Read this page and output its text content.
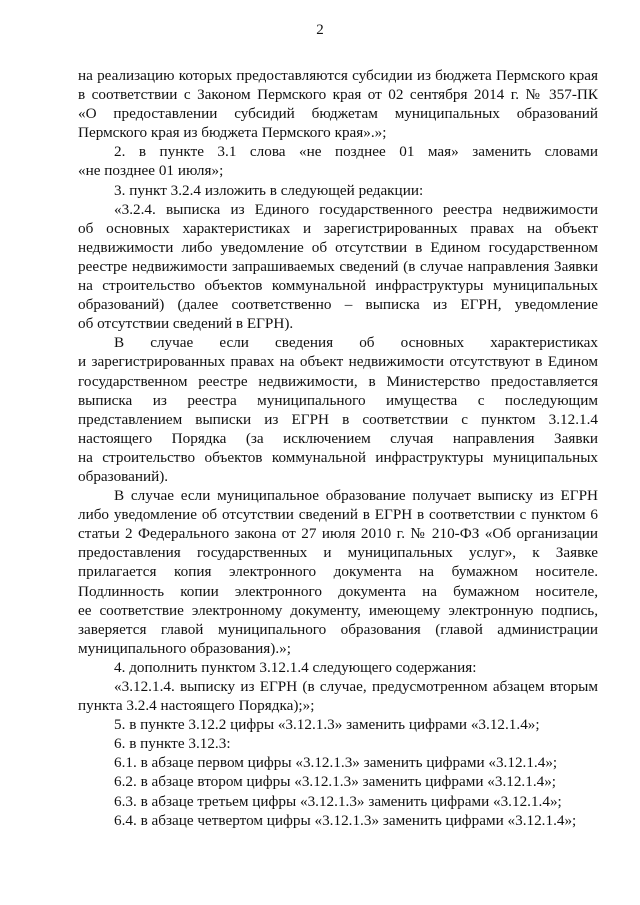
2

на реализацию которых предоставляются субсидии из бюджета Пермского края

в соответствии с Законом Пермского края от 02 сентября 2014 г. № 357-ПК

«О предоставлении субсидий бюджетам муниципальных образований

Пермского края из бюджета Пермского края».»;

2. в пункте 3.1 слова «не позднее 01 мая» заменить словами

«не позднее 01 июля»;

3. пункт 3.2.4 изложить в следующей редакции:

«3.2.4. выписка из Единого государственного реестра недвижимости

об основных характеристиках и зарегистрированных правах на объект

недвижимости либо уведомление об отсутствии в Едином государственном

реестре недвижимости запрашиваемых сведений (в случае направления Заявки

на строительство объектов коммунальной инфраструктуры муниципальных

образований) (далее соответственно – выписка из ЕГРН, уведомление

об отсутствии сведений в ЕГРН).

В случае если сведения об основных характеристиках

и зарегистрированных правах на объект недвижимости отсутствуют в Едином

государственном реестре недвижимости, в Министерство предоставляется

выписка из реестра муниципального имущества с последующим

представлением выписки из ЕГРН в соответствии с пунктом 3.12.1.4

настоящего Порядка (за исключением случая направления Заявки

на строительство объектов коммунальной инфраструктуры муниципальных

образований).

В случае если муниципальное образование получает выписку из ЕГРН

либо уведомление об отсутствии сведений в ЕГРН в соответствии с пунктом 6

статьи 2 Федерального закона от 27 июля 2010 г. № 210-ФЗ «Об организации

предоставления государственных и муниципальных услуг», к Заявке

прилагается копия электронного документа на бумажном носителе.

Подлинность копии электронного документа на бумажном носителе,

ее соответствие электронному документу, имеющему электронную подпись,

заверяется главой муниципального образования (главой администрации

муниципального образования).»;

4. дополнить пунктом 3.12.1.4 следующего содержания:

«3.12.1.4. выписку из ЕГРН (в случае, предусмотренном абзацем вторым

пункта 3.2.4 настоящего Порядка);»;

5. в пункте 3.12.2 цифры «3.12.1.3» заменить цифрами «3.12.1.4»;

6. в пункте 3.12.3:

6.1. в абзаце первом цифры «3.12.1.3» заменить цифрами «3.12.1.4»;

6.2. в абзаце втором цифры «3.12.1.3» заменить цифрами «3.12.1.4»;

6.3. в абзаце третьем цифры «3.12.1.3» заменить цифрами «3.12.1.4»;

6.4. в абзаце четвертом цифры «3.12.1.3» заменить цифрами «3.12.1.4»;
